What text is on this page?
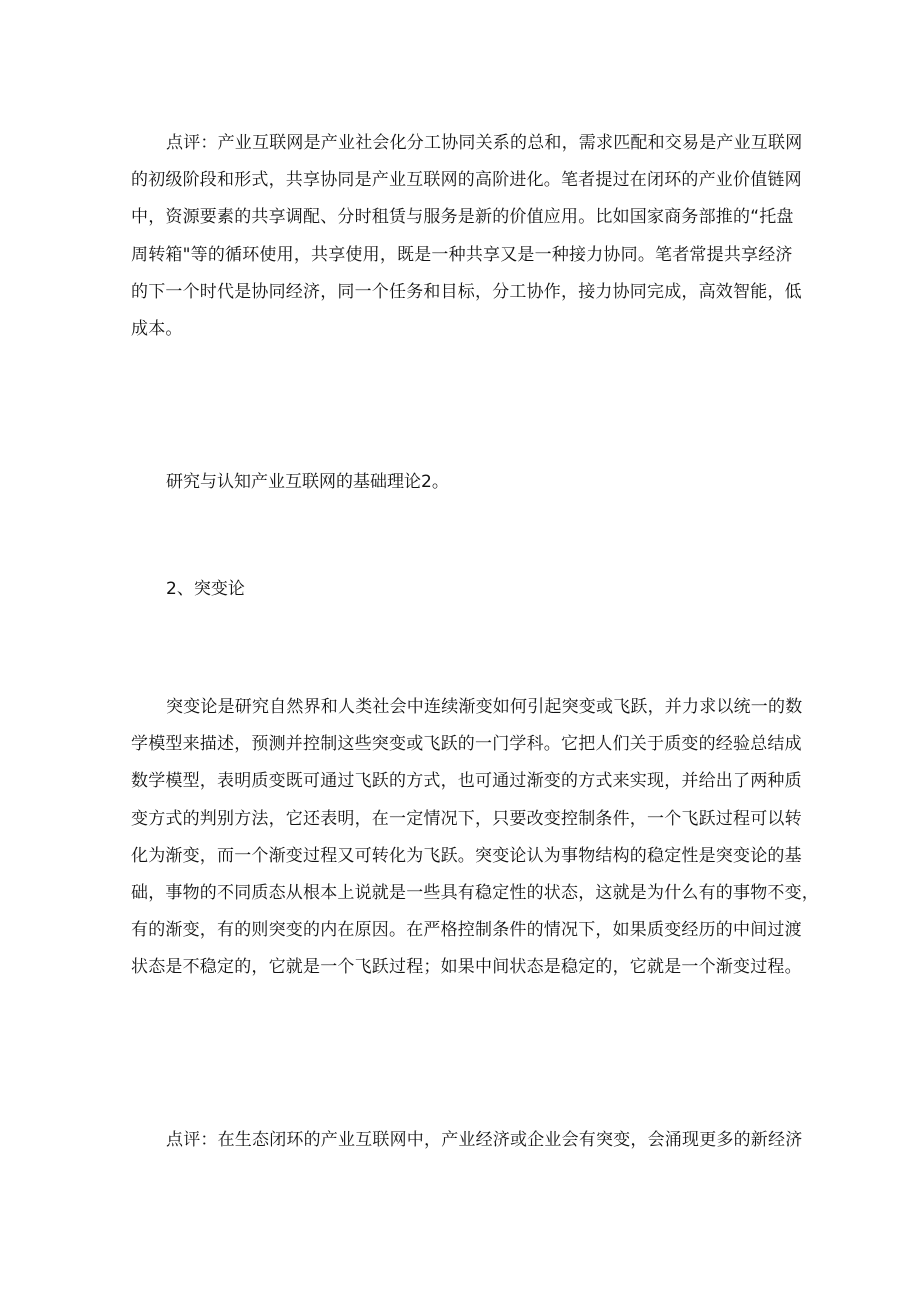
点评：产业互联网是产业社会化分工协同关系的总和，需求匹配和交易是产业互联网
的初级阶段和形式，共享协同是产业互联网的高阶进化。笔者提过在闭环的产业价值链网
中，资源要素的共享调配、分时租赁与服务是新的价值应用。比如国家商务部推的“托盘
周转箱"等的循环使用，共享使用，既是一种共享又是一种接力协同。笔者常提共享经济
的下一个时代是协同经济，同一个任务和目标，分工协作，接力协同完成，高效智能，低
成本。

研究与认知产业互联网的基础理论2。

2、突变论

突变论是研究自然界和人类社会中连续渐变如何引起突变或飞跃，并力求以统一的数
学模型来描述，预测并控制这些突变或飞跃的一门学科。它把人们关于质变的经验总结成
数学模型，表明质变既可通过飞跃的方式，也可通过渐变的方式来实现，并给出了两种质
变方式的判别方法，它还表明，在一定情况下，只要改变控制条件，一个飞跃过程可以转
化为渐变，而一个渐变过程又可转化为飞跃。突变论认为事物结构的稳定性是突变论的基
础，事物的不同质态从根本上说就是一些具有稳定性的状态，这就是为什么有的事物不变，
有的渐变，有的则突变的内在原因。在严格控制条件的情况下，如果质变经历的中间过渡
状态是不稳定的，它就是一个飞跃过程；如果中间状态是稳定的，它就是一个渐变过程。

点评：在生态闭环的产业互联网中，产业经济或企业会有突变，会涌现更多的新经济
